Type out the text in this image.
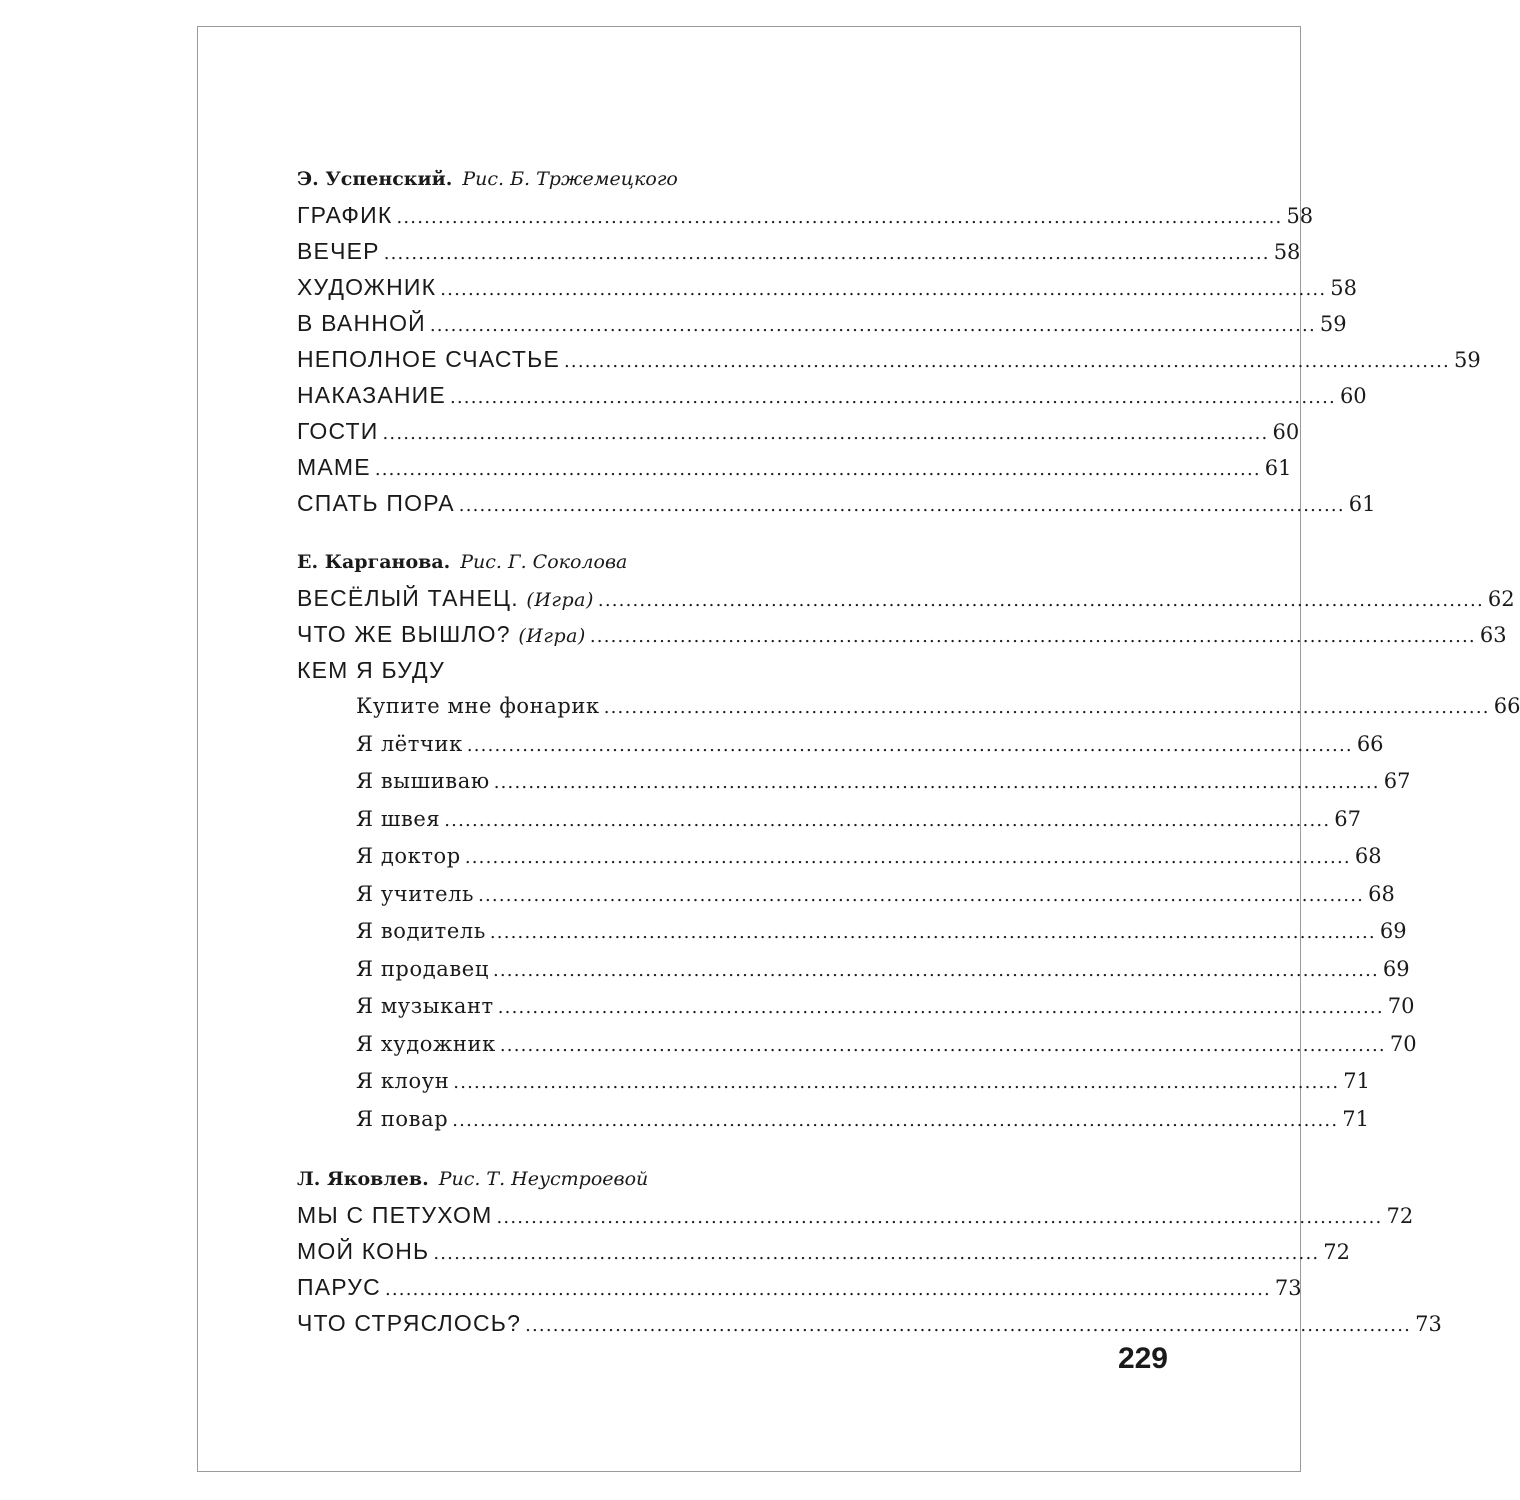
Э. Успенский. Рис. Б. Тржемецкого
ГРАФИК ................................................................................................................................ 58
ВЕЧЕР ................................................................................................................................ 58
ХУДОЖНИК ................................................................................................................................ 58
В ВАННОЙ ................................................................................................................................ 59
НЕПОЛНОЕ СЧАСТЬЕ ................................................................................................................................ 59
НАКАЗАНИЕ ................................................................................................................................ 60
ГОСТИ ................................................................................................................................ 60
МАМЕ ................................................................................................................................ 61
СПАТЬ ПОРА ................................................................................................................................ 61
Е. Карганова. Рис. Г. Соколова
ВЕСЁЛЫЙ ТАНЕЦ. (Игра) ................................................................................................................................ 62
ЧТО ЖЕ ВЫШЛО? (Игра) ................................................................................................................................ 63
КЕМ Я БУДУ
Купите мне фонарик ................................................................................................................................ 66
Я лётчик ................................................................................................................................ 66
Я вышиваю ................................................................................................................................ 67
Я швея ................................................................................................................................ 67
Я доктор ................................................................................................................................ 68
Я учитель ................................................................................................................................ 68
Я водитель ................................................................................................................................ 69
Я продавец ................................................................................................................................ 69
Я музыкант ................................................................................................................................ 70
Я художник ................................................................................................................................ 70
Я клоун ................................................................................................................................ 71
Я повар ................................................................................................................................ 71
Л. Яковлев. Рис. Т. Неустроевой
МЫ С ПЕТУХОМ ................................................................................................................................ 72
МОЙ КОНЬ ................................................................................................................................ 72
ПАРУС ................................................................................................................................ 73
ЧТО СТРЯСЛОСЬ? ................................................................................................................................ 73
229
